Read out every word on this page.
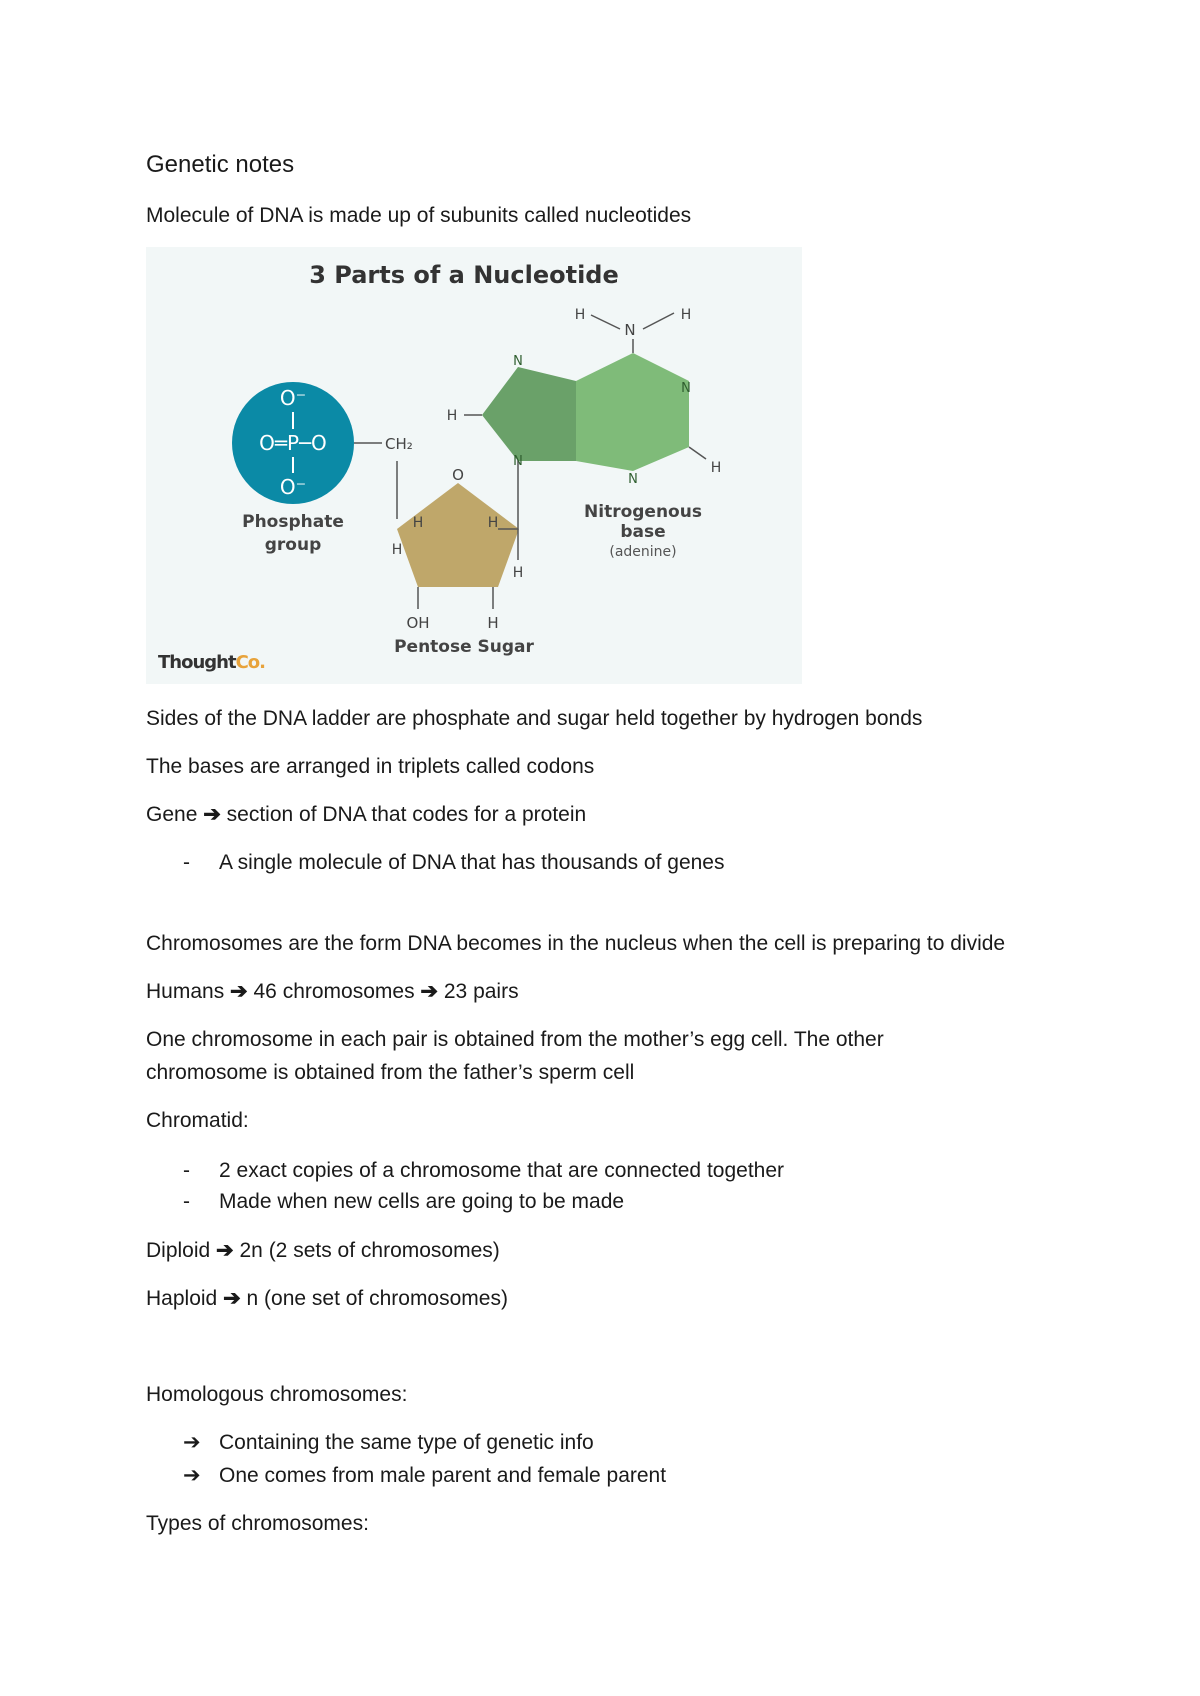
Genetic notes
Molecule of DNA is made up of subunits called nucleotides
3 Parts of a Nucleotide
O⁻
O═P─O
O⁻
Phosphate
group
CH₂
O
H	H
H
OH	H
Pentose Sugar
H
N
N
N
N
H
H
N
H	H
Nitrogenous
base
(adenine)
ThoughtCo.
Sides of the DNA ladder are phosphate and sugar held together by hydrogen bonds
The bases are arranged in triplets called codons
Gene ➔ section of DNA that codes for a protein
- A single molecule of DNA that has thousands of genes
Chromosomes are the form DNA becomes in the nucleus when the cell is preparing to divide
Humans ➔ 46 chromosomes ➔ 23 pairs
One chromosome in each pair is obtained from the mother’s egg cell. The other
chromosome is obtained from the father’s sperm cell
Chromatid:
- 2 exact copies of a chromosome that are connected together
- Made when new cells are going to be made
Diploid ➔ 2n (2 sets of chromosomes)
Haploid ➔ n (one set of chromosomes)
Homologous chromosomes:
➔ Containing the same type of genetic info
➔ One comes from male parent and female parent
Types of chromosomes:
